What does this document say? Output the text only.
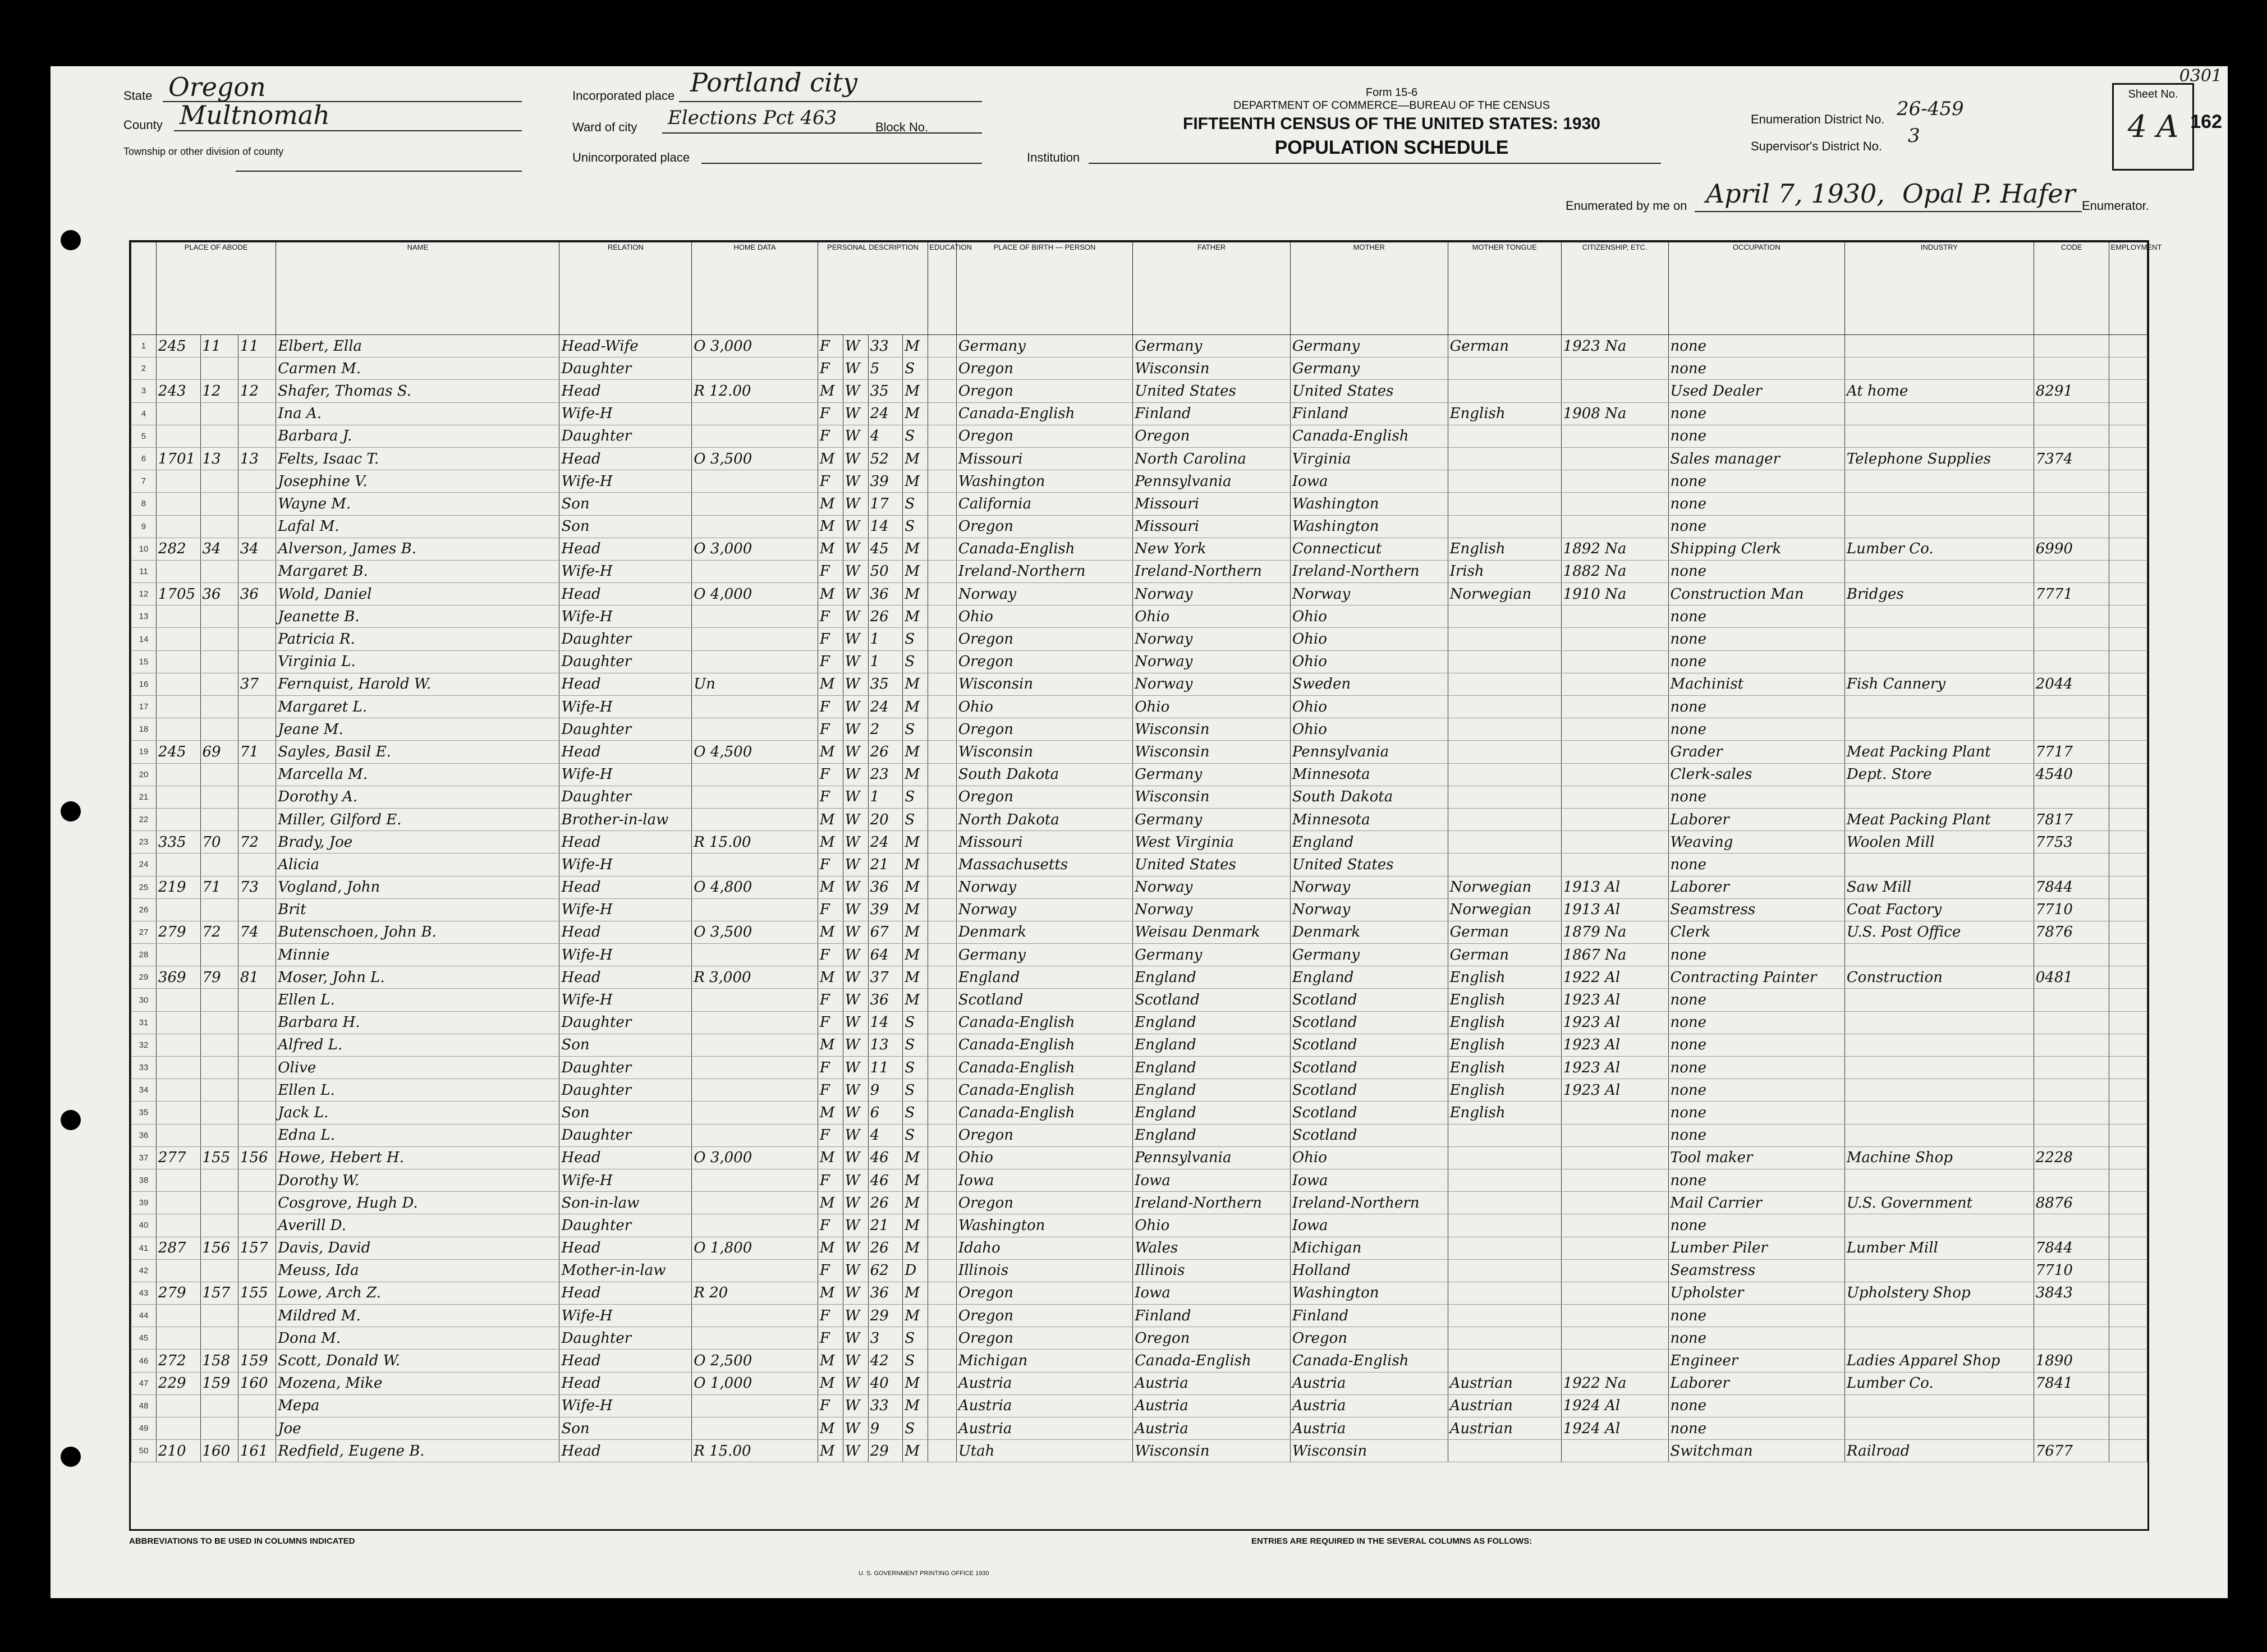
State Oregon
County Multnomah
Township or other division of county
Incorporated place Portland city
Ward of city Elections Pct 463	Block No.
Unincorporated place	Institution
Form 15-6
DEPARTMENT OF COMMERCE—BUREAU OF THE CENSUS
FIFTEENTH CENSUS OF THE UNITED STATES: 1930
POPULATION SCHEDULE
Enumeration District No. 26-459
Supervisor's District No. 3
Enumerated by me on April 7, 1930, Opal P. Hafer Enumerator.
Sheet No.
4 A 162
0301
	PLACE OF ABODE			NAME	RELATION	HOME DATA	PERSONAL DESCRIPTION				EDUCATION	PLACE OF BIRTH — PERSON	FATHER	MOTHER	MOTHER TONGUE	CITIZENSHIP, ETC.	OCCUPATION	INDUSTRY	CODE	EMPLOYMENT
1	245	11	11	Elbert, Ella	Head-Wife	O 3,000	F	W	33	M		Germany	Germany	Germany	German	1923 Na	none			
2				Carmen M.	Daughter		F	W	5	S		Oregon	Wisconsin	Germany			none			
3	243	12	12	Shafer, Thomas S.	Head	R 12.00	M	W	35	M		Oregon	United States	United States			Used Dealer	At home	8291	
4				Ina A.	Wife-H		F	W	24	M		Canada-English	Finland	Finland	English	1908 Na	none			
5				Barbara J.	Daughter		F	W	4	S		Oregon	Oregon	Canada-English			none			
6	1701	13	13	Felts, Isaac T.	Head	O 3,500	M	W	52	M		Missouri	North Carolina	Virginia			Sales manager	Telephone Supplies	7374	
7				Josephine V.	Wife-H		F	W	39	M		Washington	Pennsylvania	Iowa			none			
8				Wayne M.	Son		M	W	17	S		California	Missouri	Washington			none			
9				Lafal M.	Son		M	W	14	S		Oregon	Missouri	Washington			none			
10	282	34	34	Alverson, James B.	Head	O 3,000	M	W	45	M		Canada-English	New York	Connecticut	English	1892 Na	Shipping Clerk	Lumber Co.	6990	
11				Margaret B.	Wife-H		F	W	50	M		Ireland-Northern	Ireland-Northern	Ireland-Northern	Irish	1882 Na	none			
12	1705	36	36	Wold, Daniel	Head	O 4,000	M	W	36	M		Norway	Norway	Norway	Norwegian	1910 Na	Construction Man	Bridges	7771	
13				Jeanette B.	Wife-H		F	W	26	M		Ohio	Ohio	Ohio			none			
14				Patricia R.	Daughter		F	W	1	S		Oregon	Norway	Ohio			none			
15				Virginia L.	Daughter		F	W	1	S		Oregon	Norway	Ohio			none			
16			37	Fernquist, Harold W.	Head	Un	M	W	35	M		Wisconsin	Norway	Sweden			Machinist	Fish Cannery	2044	
17				Margaret L.	Wife-H		F	W	24	M		Ohio	Ohio	Ohio			none			
18				Jeane M.	Daughter		F	W	2	S		Oregon	Wisconsin	Ohio			none			
19	245	69	71	Sayles, Basil E.	Head	O 4,500	M	W	26	M		Wisconsin	Wisconsin	Pennsylvania			Grader	Meat Packing Plant	7717	
20				Marcella M.	Wife-H		F	W	23	M		South Dakota	Germany	Minnesota			Clerk-sales	Dept. Store	4540	
21				Dorothy A.	Daughter		F	W	1	S		Oregon	Wisconsin	South Dakota			none			
22				Miller, Gilford E.	Brother-in-law		M	W	20	S		North Dakota	Germany	Minnesota			Laborer	Meat Packing Plant	7817	
23	335	70	72	Brady, Joe	Head	R 15.00	M	W	24	M		Missouri	West Virginia	England			Weaving	Woolen Mill	7753	
24				Alicia	Wife-H		F	W	21	M		Massachusetts	United States	United States			none			
25	219	71	73	Vogland, John	Head	O 4,800	M	W	36	M		Norway	Norway	Norway	Norwegian	1913 Al	Laborer	Saw Mill	7844	
26				Brit	Wife-H		F	W	39	M		Norway	Norway	Norway	Norwegian	1913 Al	Seamstress	Coat Factory	7710	
27	279	72	74	Butenschoen, John B.	Head	O 3,500	M	W	67	M		Denmark	Weisau Denmark	Denmark	German	1879 Na	Clerk	U.S. Post Office	7876	
28				Minnie	Wife-H		F	W	64	M		Germany	Germany	Germany	German	1867 Na	none			
29	369	79	81	Moser, John L.	Head	R 3,000	M	W	37	M		England	England	England	English	1922 Al	Contracting Painter	Construction	0481	
30				Ellen L.	Wife-H		F	W	36	M		Scotland	Scotland	Scotland	English	1923 Al	none			
31				Barbara H.	Daughter		F	W	14	S		Canada-English	England	Scotland	English	1923 Al	none			
32				Alfred L.	Son		M	W	13	S		Canada-English	England	Scotland	English	1923 Al	none			
33				Olive	Daughter		F	W	11	S		Canada-English	England	Scotland	English	1923 Al	none			
34				Ellen L.	Daughter		F	W	9	S		Canada-English	England	Scotland	English	1923 Al	none			
35				Jack L.	Son		M	W	6	S		Canada-English	England	Scotland	English		none			
36				Edna L.	Daughter		F	W	4	S		Oregon	England	Scotland			none			
37	277	155	156	Howe, Hebert H.	Head	O 3,000	M	W	46	M		Ohio	Pennsylvania	Ohio			Tool maker	Machine Shop	2228	
38				Dorothy W.	Wife-H		F	W	46	M		Iowa	Iowa	Iowa			none			
39				Cosgrove, Hugh D.	Son-in-law		M	W	26	M		Oregon	Ireland-Northern	Ireland-Northern			Mail Carrier	U.S. Government	8876	
40				Averill D.	Daughter		F	W	21	M		Washington	Ohio	Iowa			none			
41	287	156	157	Davis, David	Head	O 1,800	M	W	26	M		Idaho	Wales	Michigan			Lumber Piler	Lumber Mill	7844	
42				Meuss, Ida	Mother-in-law		F	W	62	D		Illinois	Illinois	Holland			Seamstress		7710	
43	279	157	155	Lowe, Arch Z.	Head	R 20	M	W	36	M		Oregon	Iowa	Washington			Upholster	Upholstery Shop	3843	
44				Mildred M.	Wife-H		F	W	29	M		Oregon	Finland	Finland			none			
45				Dona M.	Daughter		F	W	3	S		Oregon	Oregon	Oregon			none			
46	272	158	159	Scott, Donald W.	Head	O 2,500	M	W	42	S		Michigan	Canada-English	Canada-English			Engineer	Ladies Apparel Shop	1890	
47	229	159	160	Mozena, Mike	Head	O 1,000	M	W	40	M		Austria	Austria	Austria	Austrian	1922 Na	Laborer	Lumber Co.	7841	
48				Mepa	Wife-H		F	W	33	M		Austria	Austria	Austria	Austrian	1924 Al	none			
49				Joe	Son		M	W	9	S		Austria	Austria	Austria	Austrian	1924 Al	none			
50	210	160	161	Redfield, Eugene B.	Head	R 15.00	M	W	29	M		Utah	Wisconsin	Wisconsin			Switchman	Railroad	7677	
ABBREVIATIONS TO BE USED IN COLUMNS INDICATED	ENTRIES ARE REQUIRED IN THE SEVERAL COLUMNS AS FOLLOWS:
U. S. GOVERNMENT PRINTING OFFICE 1930
